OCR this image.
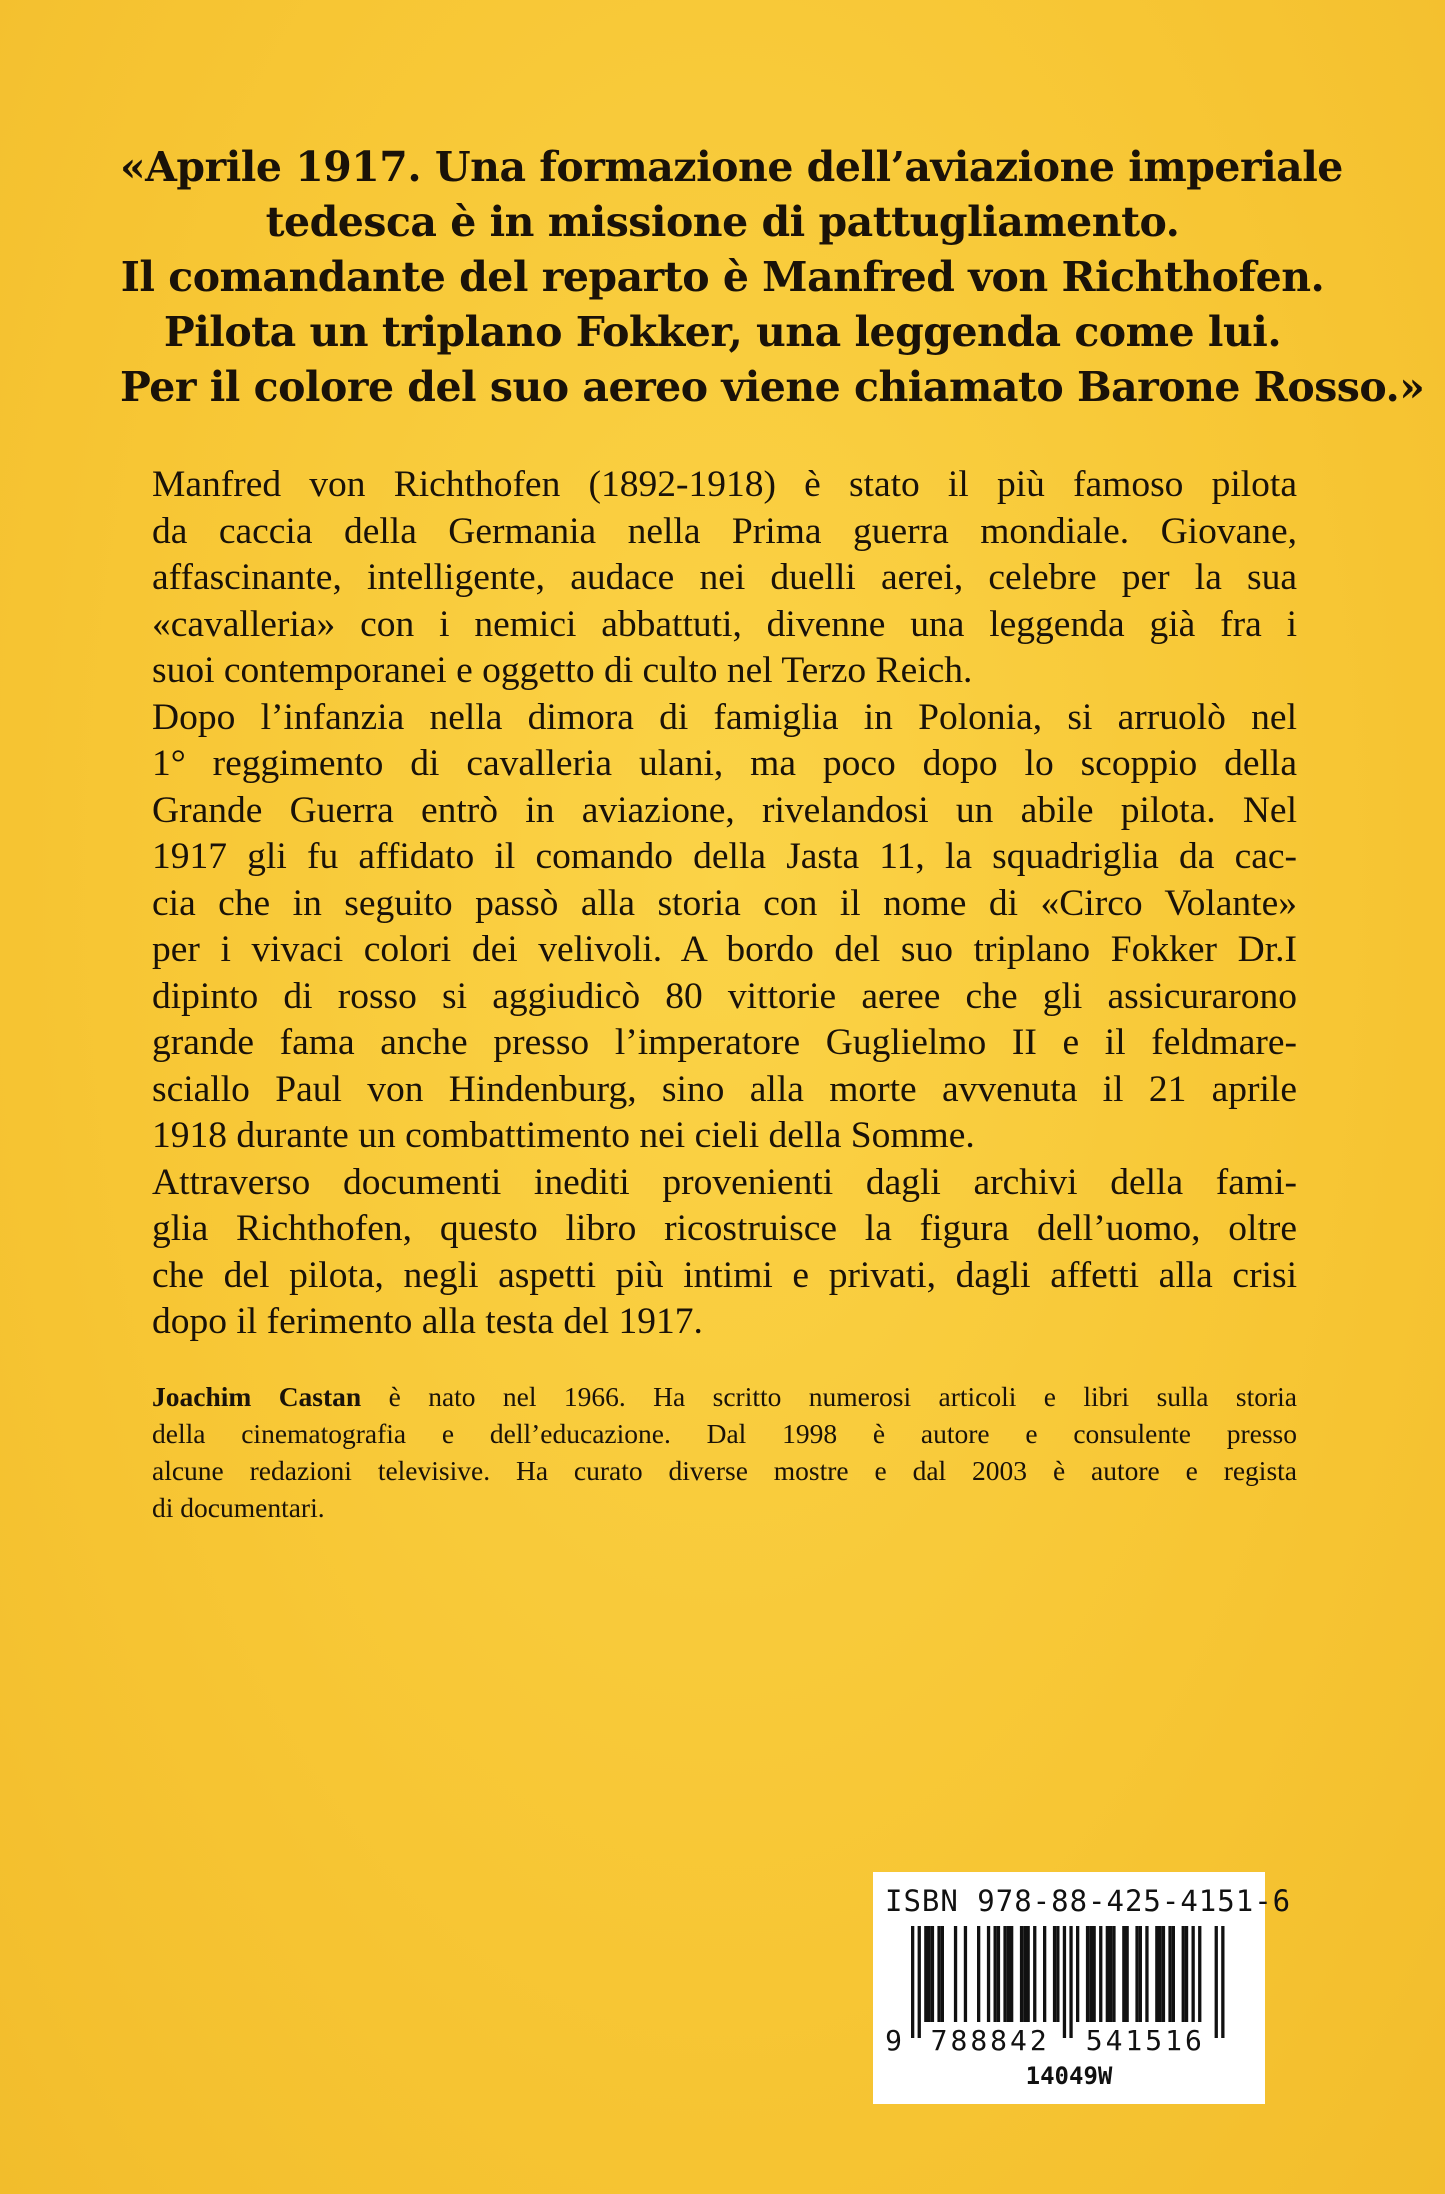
«Aprile 1917. Una formazione dell’aviazione imperiale
tedesca è in missione di pattugliamento.
Il comandante del reparto è Manfred von Richthofen.
Pilota un triplano Fokker, una leggenda come lui.
Per il colore del suo aereo viene chiamato Barone Rosso.»
Manfred von Richthofen (1892-1918) è stato il più famoso pilota
da caccia della Germania nella Prima guerra mondiale. Giovane,
affascinante, intelligente, audace nei duelli aerei, celebre per la sua
«cavalleria» con i nemici abbattuti, divenne una leggenda già fra i
suoi contemporanei e oggetto di culto nel Terzo Reich.
Dopo l’infanzia nella dimora di famiglia in Polonia, si arruolò nel
1° reggimento di cavalleria ulani, ma poco dopo lo scoppio della
Grande Guerra entrò in aviazione, rivelandosi un abile pilota. Nel
1917 gli fu affidato il comando della Jasta 11, la squadriglia da cac-
cia che in seguito passò alla storia con il nome di «Circo Volante»
per i vivaci colori dei velivoli. A bordo del suo triplano Fokker Dr.I
dipinto di rosso si aggiudicò 80 vittorie aeree che gli assicurarono
grande fama anche presso l’imperatore Guglielmo II e il feldmare-
sciallo Paul von Hindenburg, sino alla morte avvenuta il 21 aprile
1918 durante un combattimento nei cieli della Somme.
Attraverso documenti inediti provenienti dagli archivi della fami-
glia Richthofen, questo libro ricostruisce la figura dell’uomo, oltre
che del pilota, negli aspetti più intimi e privati, dagli affetti alla crisi
dopo il ferimento alla testa del 1917.
Joachim Castan è nato nel 1966. Ha scritto numerosi articoli e libri sulla storia
della cinematografia e dell’educazione. Dal 1998 è autore e consulente presso
alcune redazioni televisive. Ha curato diverse mostre e dal 2003 è autore e regista
di documentari.
ISBN 978-88-425-4151-6
9 788842 541516
14049W
